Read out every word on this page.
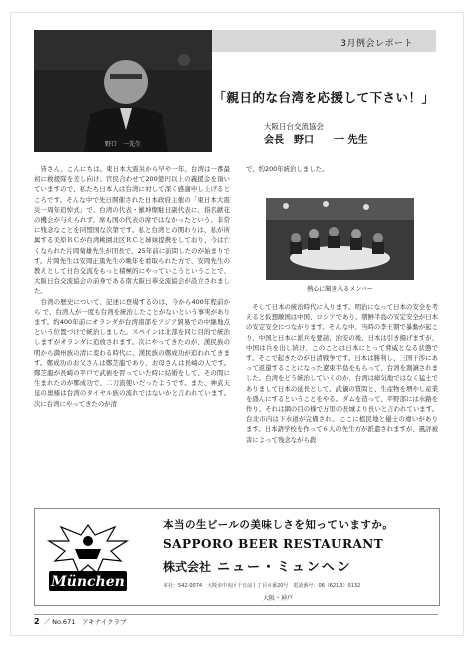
3月例会レポート
野口　一先生
「親日的な台湾を応援して下さい！」
大阪日台交流協会
会長　野口　　一 先生
　皆さん、こんにちは。東日本大震災から早や一年、台湾は一番最初に救援隊を差し向け、官民合わせて200億円以上の義援金を頂いていますので、私たち日本人は台湾に対して深く感謝申し上げるところです。そんな中で先日開催された日本政府主催の「東日本大震災一周年追悼式」で、台湾の代表・羅坤燦駐日副代表に、指名献花の機会が与えられず、席も国の代表の席ではなかったという、非常に残念なことを同盟国な次第です。私と台湾との関わりは、私が所属する美原ＲＣが台湾桃園北区ＲＣと姉妹提携をしており、今は亡くなられた片岡菊雄先生が団長で、25年前に訪問したのが始まりです。片岡先生は安岡正篤先生の晩年を看取られた方で、安岡先生の教えとして日台交流をもっと積極的にやっていこうということで、大阪日台交流協会の前身である南大阪日華交流協会が設立されました。
　台湾の歴史について、記述に登場するのは、今から400年程前から で、台湾人が一度も台湾を統治したことがないという事実があります。約400年前にオランダが台湾南部をアジア貿易での中継地点という位置づけで統治しました。スペインは北部を同じ目的で統治しますがオランダに追放されます。次にやってきたのが、漢民族の明から満州族の清に変わる時代に、漢民族の鄭成功が追われてきます。鄭成功のお父さんは鄭芝龍であり、お母さんは長崎の人です。鄭芝龍が長崎の平戸で武術を習っていた時に結婚をして、その間に生まれたのが鄭成功で、二刀流使いだったようです。また、神武天皇の奥様は台湾のタイヤル族の流れではないかと言われています。次に台湾にやってきたのが清
で、約200年統治しました。
熱心に聞き入るメンバー
　そして日本の統治時代に入ります。明治になって日本の安全を考えると仮想敵国は中国、ロシアであり、朝鮮半島の安定安全が日本の安定安全につながります。そんな中、当時の李王朝で暴動が起こり、中国と日本に派兵を要請、治安の後、日本は引き揚げますが、中国は兵を出し続け、このことは日本にとって脅威となる状態です。そこで起きたのが日清戦争です。日本は勝利し、三国干渉にあって返還することになった遼東半島をもらって、台湾を割譲されました。台湾をどう統治していくのか、台湾は瘴気地ではなく猛土でありまして日本の延長として、武儀の質問と、生産物を増やし産業を盛んにするということをやる。ダムを造って、平野部には水路を作り、それは網の目の様で万里の長城より長いと言われています。台北市内は下水道が完備され、ここに植民地と優士の違いがあります。日本語学校を作って６人の先生方が派遣されますが、風評被害によって残念ながら殺
München
本当の生ビールの美味しさを知っていますか。
SAPPORO BEER RESTAURANT
株式会社 ニュー・ミュンヘン
本社：542-0074　大阪市中央区千日前１丁目８番20号　電話番号：06（6213）0132
大阪・神戸
2 ／ No.671　アキナイクラブ
